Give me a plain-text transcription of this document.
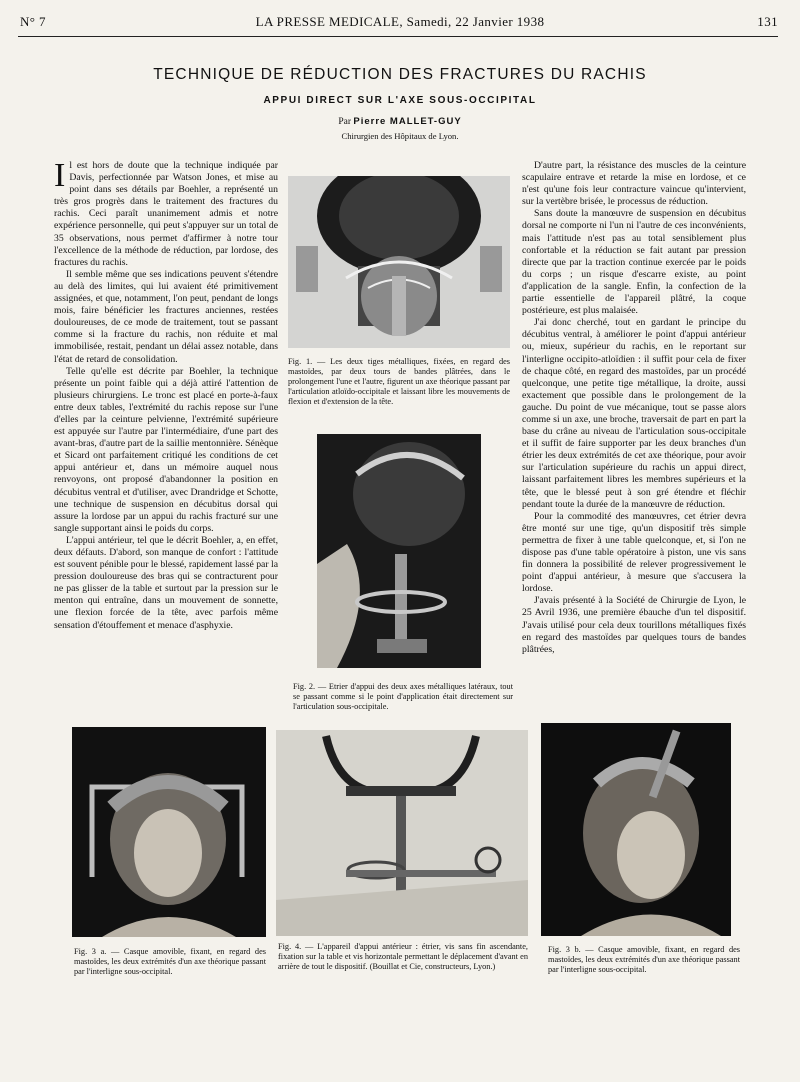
N° 7	LA PRESSE MEDICALE, Samedi, 22 Janvier 1938	131
TECHNIQUE DE RÉDUCTION DES FRACTURES DU RACHIS
APPUI DIRECT SUR L'AXE SOUS-OCCIPITAL
Par Pierre MALLET-GUY
Chirurgien des Hôpitaux de Lyon.

Il est hors de doute que la technique indiquée par Davis, perfectionnée par Watson Jones, et mise au point dans ses détails par Boehler, a représenté un très gros progrès dans le traitement des fractures du rachis. Ceci paraît unanimement admis et notre expérience personnelle, qui peut s'appuyer sur un total de 35 observations, nous permet d'affirmer à notre tour l'excellence de la méthode de réduction, par lordose, des fractures du rachis.

Il semble même que ses indications peuvent s'étendre au delà des limites, qui lui avaient été primitivement assignées, et que, notamment, l'on peut, pendant de longs mois, faire bénéficier les fractures anciennes, restées douloureuses, de ce mode de traitement, tout se passant comme si la fracture du rachis, non réduite et mal immobilisée, restait, pendant un délai assez notable, dans l'état de retard de consolidation.

Telle qu'elle est décrite par Boehler, la technique présente un point faible qui a déjà attiré l'attention de plusieurs chirurgiens. Le tronc est placé en porte-à-faux entre deux tables, l'extrémité du rachis repose sur l'une d'elles par la ceinture pelvienne, l'extrémité supérieure est appuyée sur l'autre par l'intermédiaire, d'une part des avant-bras, d'autre part de la saillie mentonnière. Sénèque et Sicard ont parfaitement critiqué les conditions de cet appui antérieur et, dans un mémoire auquel nous renvoyons, ont proposé d'abandonner la position en décubitus ventral et d'utiliser, avec Drandridge et Schotte, une technique de suspension en décubitus dorsal qui assure la lordose par un appui du rachis fracturé sur une sangle supportant ainsi le poids du corps.

L'appui antérieur, tel que le décrit Boehler, a, en effet, deux défauts. D'abord, son manque de confort : l'attitude est souvent pénible pour le blessé, rapidement lassé par la pression douloureuse des bras qui se contracturent pour ne pas glisser de la table et surtout par la pression sur le menton qui entraîne, dans un mouvement de sonnette, une flexion forcée de la tête, avec parfois même sensation d'étouffement et menace d'asphyxie.

Fig. 1. — Les deux tiges métalliques, fixées, en regard des mastoïdes, par deux tours de bandes plâtrées, dans le prolongement l'une et l'autre, figurent un axe théorique passant par l'articulation atloïdo-occipitale et laissant libre les mouvements de flexion et d'extension de la tête.
Fig. 2. — Etrier d'appui des deux axes métalliques latéraux, tout se passant comme si le point d'application était directement sur l'articulation sous-occipitale.

D'autre part, la résistance des muscles de la ceinture scapulaire entrave et retarde la mise en lordose, et ce n'est qu'une fois leur contracture vaincue qu'intervient, sur la vertèbre brisée, le processus de réduction.

Sans doute la manœuvre de suspension en décubitus dorsal ne comporte ni l'un ni l'autre de ces inconvénients, mais l'attitude n'est pas au total sensiblement plus confortable et la réduction se fait autant par pression directe que par la traction continue exercée par le poids du corps ; un risque d'escarre existe, au point d'application de la sangle. Enfin, la confection de la partie essentielle de l'appareil plâtré, la coque postérieure, est plus malaisée.

J'ai donc cherché, tout en gardant le principe du décubitus ventral, à améliorer le point d'appui antérieur ou, mieux, supérieur du rachis, en le reportant sur l'interligne occipito-atloïdien : il suffit pour cela de fixer de chaque côté, en regard des mastoïdes, par un procédé quelconque, une petite tige métallique, la droite, aussi exactement que possible dans le prolongement de la gauche. Du point de vue mécanique, tout se passe alors comme si un axe, une broche, traversait de part en part la base du crâne au niveau de l'articulation sous-occipitale et il suffit de faire supporter par les deux branches d'un étrier les deux extrémités de cet axe théorique, pour avoir sur l'articulation supérieure du rachis un appui direct, laissant parfaitement libres les membres supérieurs et la tête, que le blessé peut à son gré étendre et fléchir pendant toute la durée de la manœuvre de réduction.

Pour la commodité des manœuvres, cet étrier devra être monté sur une tige, qu'un dispositif très simple permettra de fixer à une table quelconque, et, si l'on ne dispose pas d'une table opératoire à piston, une vis sans fin donnera la possibilité de relever progressivement le point d'appui antérieur, à mesure que s'accusera la lordose.

J'avais présenté à la Société de Chirurgie de Lyon, le 25 Avril 1936, une première ébauche d'un tel dispositif. J'avais utilisé pour cela deux tourillons métalliques fixés en regard des mastoïdes par quelques tours de bandes plâtrées,

Fig. 3 a. — Casque amovible, fixant, en regard des mastoïdes, les deux extrémités d'un axe théorique passant par l'interligne sous-occipital.
Fig. 4. — L'appareil d'appui antérieur : étrier, vis sans fin ascendante, fixation sur la table et vis horizontale permettant le déplacement d'avant en arrière de tout le dispositif. (Bouillat et Cie, constructeurs, Lyon.)
Fig. 3 b. — Casque amovible, fixant, en regard des mastoïdes, les deux extrémités d'un axe théorique passant par l'interligne sous-occipital.
